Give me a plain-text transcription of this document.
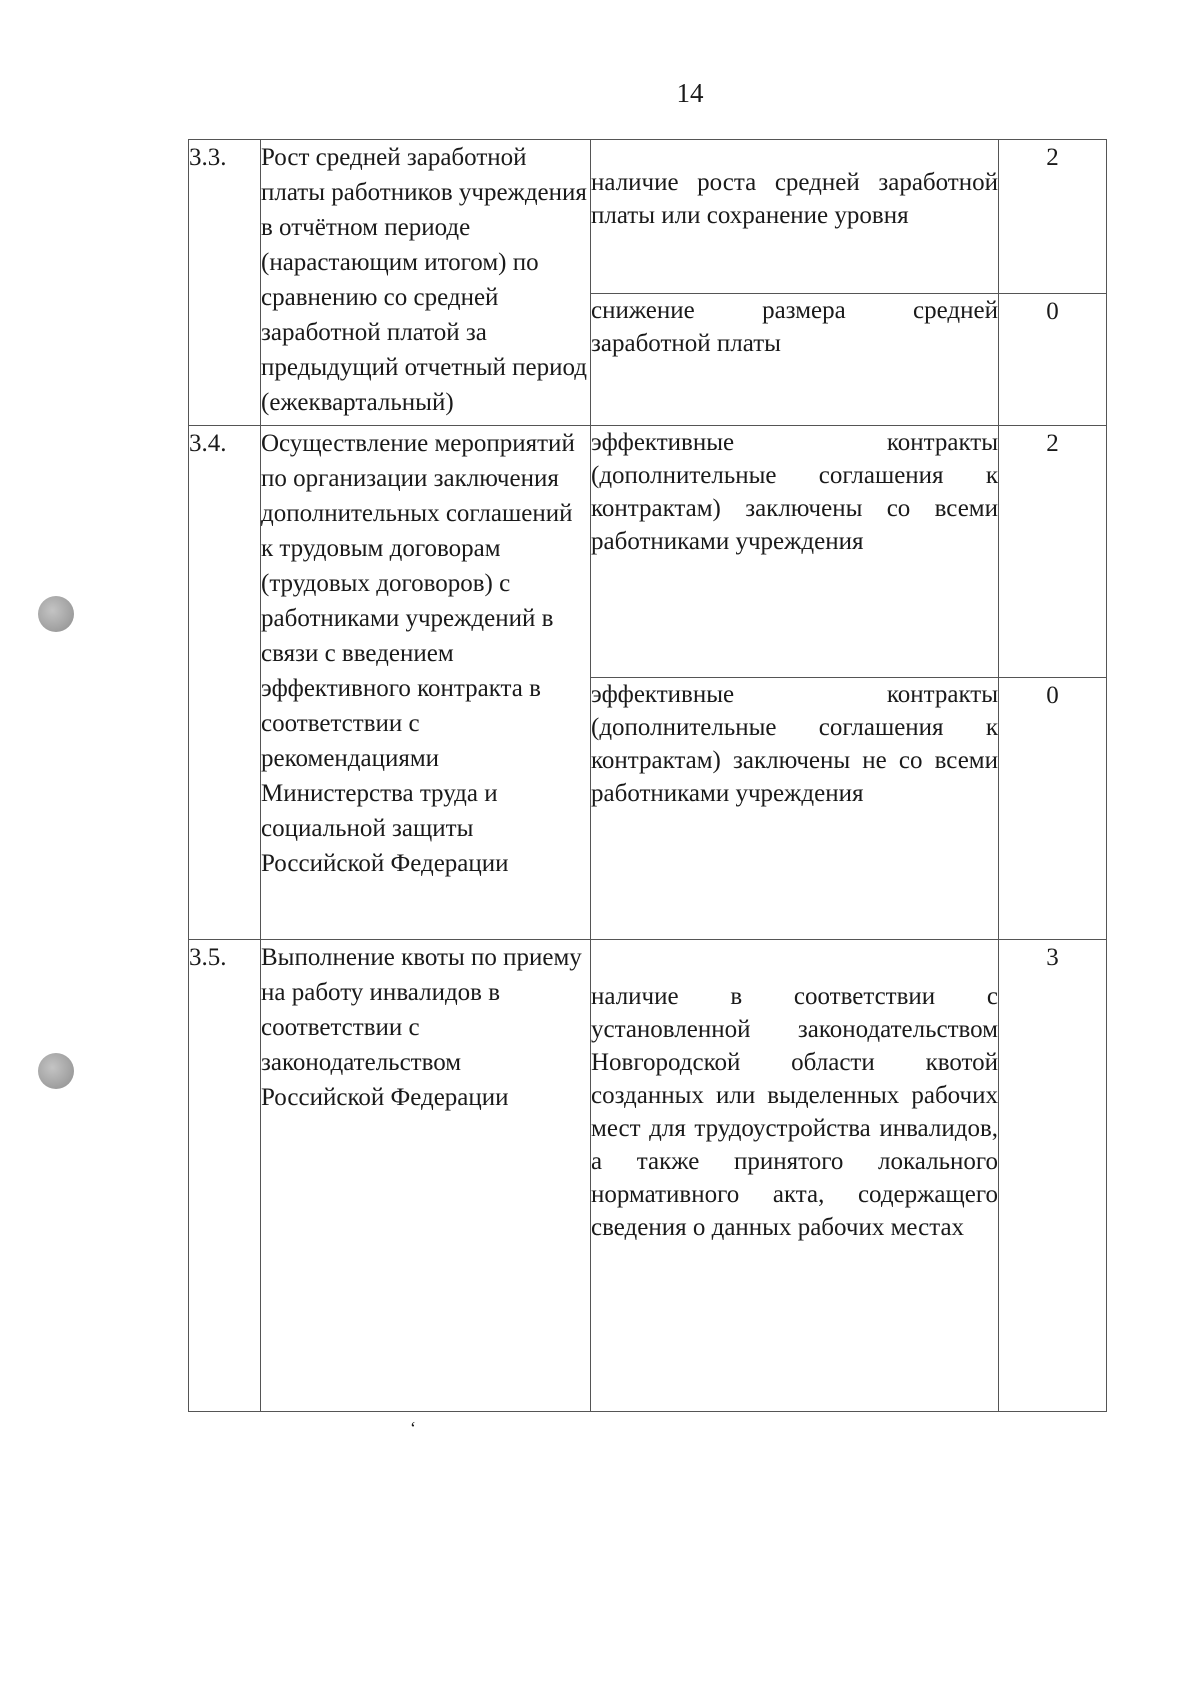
14
3.3.	Рост средней заработной платы работников учреждения в отчётном периоде (нарастающим итогом) по сравнению со средней заработной платой за предыдущий отчетный период (ежеквартальный)	наличие роста средней заработной платы или сохранение уровня	2
		снижение размера средней заработной платы	0
3.4.	Осуществление мероприятий по организации заключения дополнительных соглашений к трудовым договорам (трудовых договоров) с работниками учреждений в связи с введением эффективного контракта в соответствии с рекомендациями Министерства труда и социальной защиты Российской Федерации	эффективные контракты (дополнительные соглашения к контрактам) заключены со всеми работниками учреждения	2
		эффективные контракты (дополнительные соглашения к контрактам) заключены не со всеми работниками учреждения	0
3.5.	Выполнение квоты по приему на работу инвалидов в соответствии с законодательством Российской Федерации	наличие в соответствии с установленной законодательством Новгородской области квотой созданных или выделенных рабочих мест для трудоустройства инвалидов, а также принятого локального нормативного акта, содержащего сведения о данных рабочих местах	3
‘
